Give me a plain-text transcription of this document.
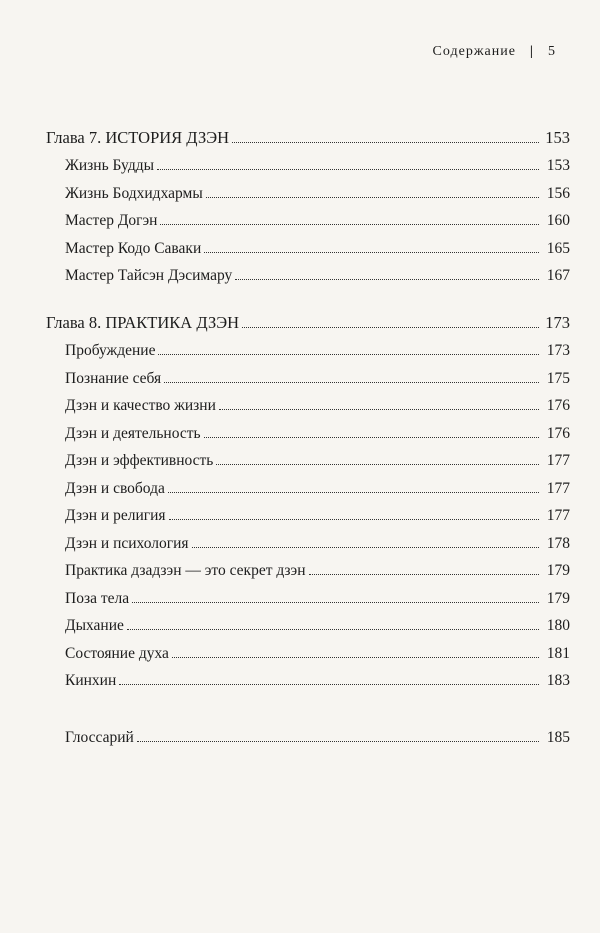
Содержание | 5
Глава 7. ИСТОРИЯ ДЗЭН	153
Жизнь Будды	153
Жизнь Бодхидхармы	156
Мастер Догэн	160
Мастер Кодо Саваки	165
Мастер Тайсэн Дэсимару	167
Глава 8. ПРАКТИКА ДЗЭН	173
Пробуждение	173
Познание себя	175
Дзэн и качество жизни	176
Дзэн и деятельность	176
Дзэн и эффективность	177
Дзэн и свобода	177
Дзэн и религия	177
Дзэн и психология	178
Практика дзадзэн — это секрет дзэн	179
Поза тела	179
Дыхание	180
Состояние духа	181
Кинхин	183
Глоссарий	185
